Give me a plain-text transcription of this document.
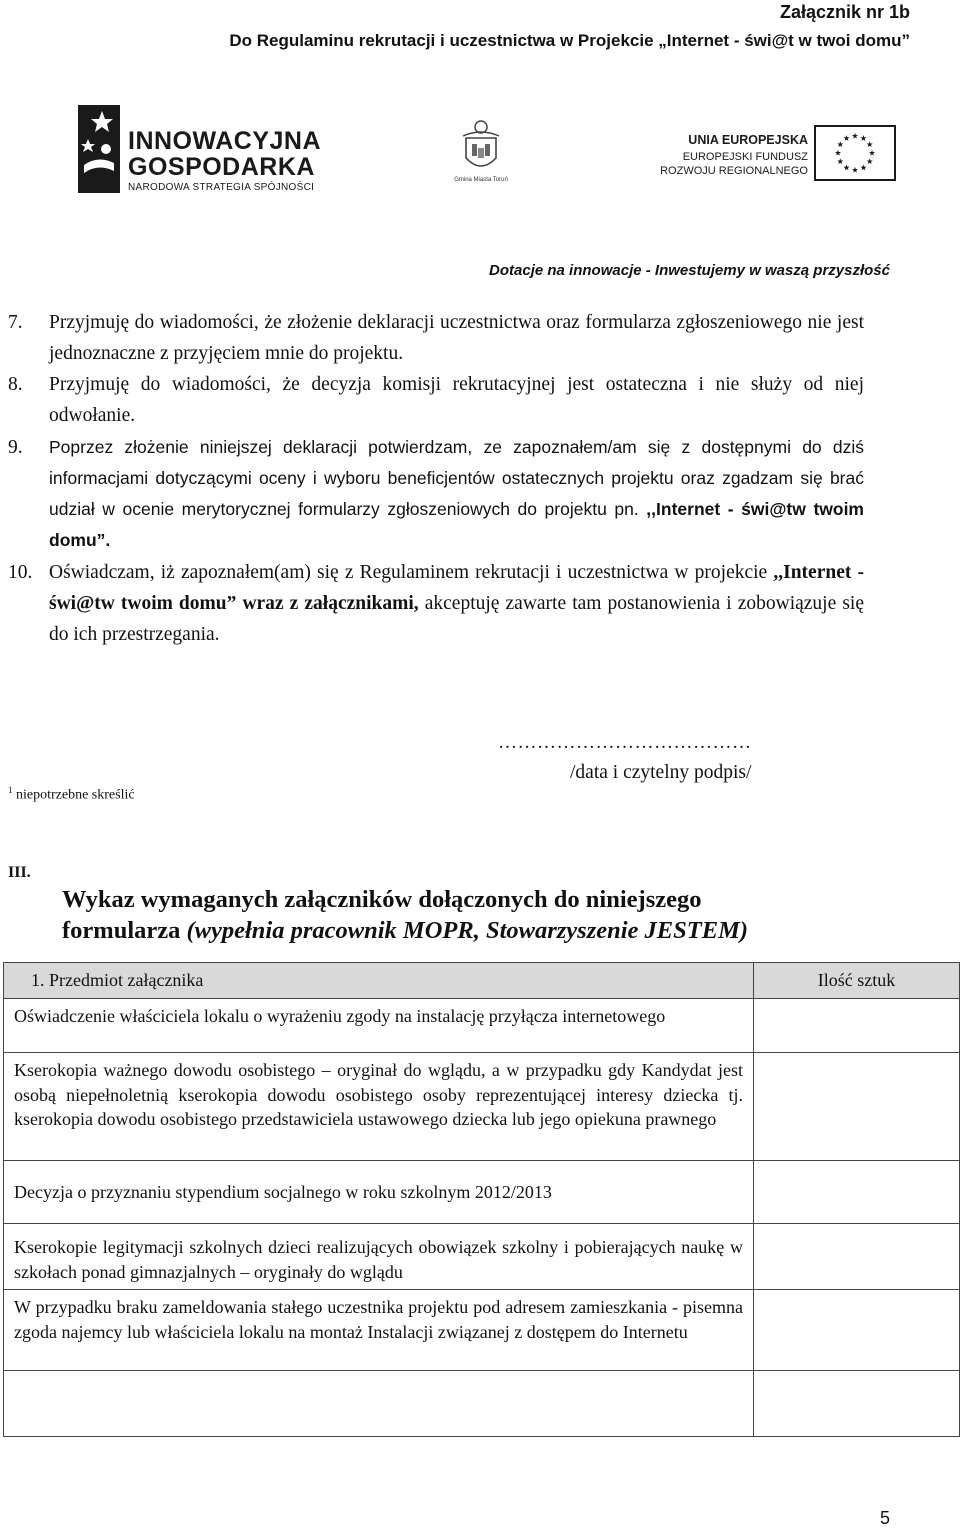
Załącznik nr 1b
Do Regulaminu rekrutacji i uczestnictwa w Projekcie „Internet - świ@t w twoi domu”
INNOWACYJNA
GOSPODARKA
NARODOWA STRATEGIA SPÓJNOŚCI
Gmina Miasta Toruń
UNIA EUROPEJSKA
EUROPEJSKI FUNDUSZ
ROZWOJU REGIONALNEGO
Dotacje na innowacje - Inwestujemy w waszą przyszłość
7. Przyjmuję do wiadomości, że złożenie deklaracji uczestnictwa oraz formularza zgłoszeniowego nie jest jednoznaczne z przyjęciem mnie do projektu.
8. Przyjmuję do wiadomości, że decyzja komisji rekrutacyjnej jest ostateczna i nie służy od niej odwołanie.
9. Poprzez złożenie niniejszej deklaracji potwierdzam, ze zapoznałem/am się z dostępnymi do dziś informacjami dotyczącymi oceny i wyboru beneficjentów ostatecznych projektu oraz zgadzam się brać udział w ocenie merytorycznej formularzy zgłoszeniowych do projektu pn. ,,Internet - świ@tw twoim domu”.
10. Oświadczam, iż zapoznałem(am) się z Regulaminem rekrutacji i uczestnictwa w projekcie ,,Internet - świ@tw twoim domu” wraz z załącznikami, akceptuję zawarte tam postanowienia i zobowiązuje się do ich przestrzegania.
$^1$ niepotrzebne skreślić
…………………………………
/data i czytelny podpis/
III.
Wykaz wymaganych załączników dołączonych do niniejszego
formularza (wypełnia pracownik MOPR, Stowarzyszenie JESTEM)
1. Przedmiot załącznika	Ilość sztuk
Oświadczenie właściciela lokalu o wyrażeniu zgody na instalację przyłącza internetowego	
Kserokopia ważnego dowodu osobistego – oryginał do wglądu, a w przypadku gdy Kandydat jest osobą niepełnoletnią kserokopia dowodu osobistego osoby reprezentującej interesy dziecka tj. kserokopia dowodu osobistego przedstawiciela ustawowego dziecka lub jego opiekuna prawnego	
Decyzja o przyznaniu stypendium socjalnego w roku szkolnym 2012/2013	
Kserokopie legitymacji szkolnych dzieci realizujących obowiązek szkolny i pobierających naukę w szkołach ponad gimnazjalnych – oryginały do wglądu	
W przypadku braku zameldowania stałego uczestnika projektu pod adresem zamieszkania - pisemna zgoda najemcy lub właściciela lokalu na montaż Instalacji związanej z dostępem do Internetu	

5
